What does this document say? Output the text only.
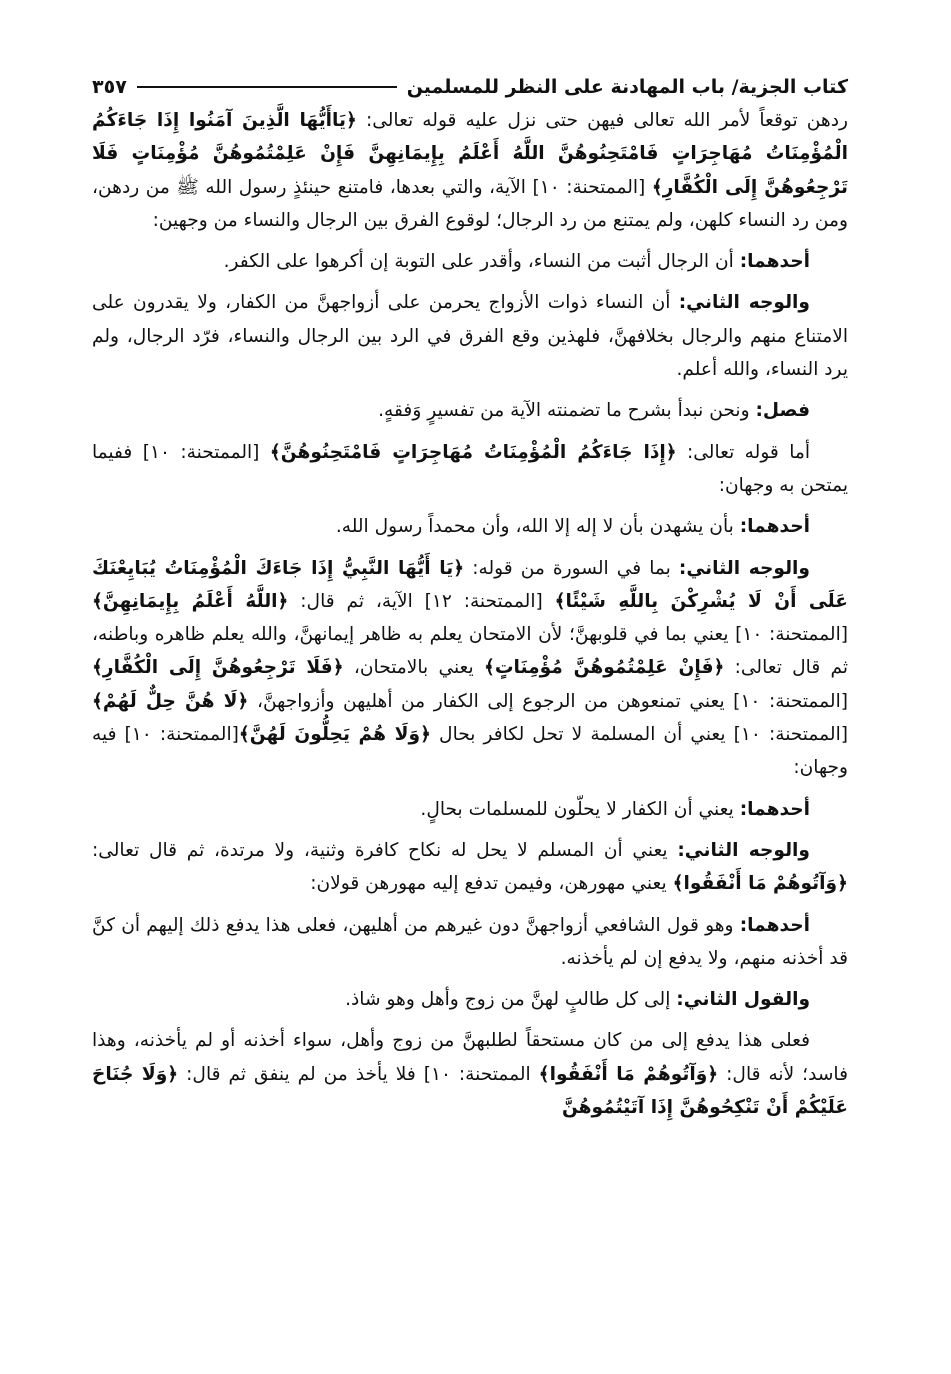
كتاب الجزية/ باب المهادنة على النظر للمسلمين
٣٥٧

ردهن توقعاً لأمر الله تعالى فيهن حتى نزل عليه قوله تعالى: ﴿يَاأَيُّهَا الَّذِينَ آمَنُوا إِذَا جَاءَكُمُ الْمُؤْمِنَاتُ مُهَاجِرَاتٍ فَامْتَحِنُوهُنَّ اللَّهُ أَعْلَمُ بِإِيمَانِهِنَّ فَإِنْ عَلِمْتُمُوهُنَّ مُؤْمِنَاتٍ فَلَا تَرْجِعُوهُنَّ إِلَى الْكُفَّارِ﴾ [الممتحنة: ١٠] الآية، والتي بعدها، فامتنع حينئذٍ رسول الله ﷺ من ردهن، ومن رد النساء كلهن، ولم يمتنع من رد الرجال؛ لوقوع الفرق بين الرجال والنساء من وجهين:

أحدهما: أن الرجال أثبت من النساء، وأقدر على التوبة إن أكرهوا على الكفر.

والوجه الثاني: أن النساء ذوات الأزواج يحرمن على أزواجهنَّ من الكفار، ولا يقدرون على الامتناع منهم والرجال بخلافهنَّ، فلهذين وقع الفرق في الرد بين الرجال والنساء، فرّد الرجال، ولم يرد النساء، والله أعلم.

فصل: ونحن نبدأ بشرح ما تضمنته الآية من تفسيرٍ وَفقهٍ.

أما قوله تعالى: ﴿إِذَا جَاءَكُمُ الْمُؤْمِنَاتُ مُهَاجِرَاتٍ فَامْتَحِنُوهُنَّ﴾ [الممتحنة: ١٠] ففيما يمتحن به وجهان:

أحدهما: بأن يشهدن بأن لا إله إلا الله، وأن محمداً رسول الله.

والوجه الثاني: بما في السورة من قوله: ﴿يَا أَيُّهَا النَّبِيُّ إِذَا جَاءَكَ الْمُؤْمِنَاتُ يُبَايِعْنَكَ عَلَى أَنْ لَا يُشْرِكْنَ بِاللَّهِ شَيْئًا﴾ [الممتحنة: ١٢] الآية، ثم قال: ﴿اللَّهُ أَعْلَمُ بِإِيمَانِهِنَّ﴾ [الممتحنة: ١٠] يعني بما في قلوبهنَّ؛ لأن الامتحان يعلم به ظاهر إيمانهنَّ، والله يعلم ظاهره وباطنه، ثم قال تعالى: ﴿فَإِنْ عَلِمْتُمُوهُنَّ مُؤْمِنَاتٍ﴾ يعني بالامتحان، ﴿فَلَا تَرْجِعُوهُنَّ إِلَى الْكُفَّارِ﴾ [الممتحنة: ١٠] يعني تمنعوهن من الرجوع إلى الكفار من أهليهن وأزواجهنَّ، ﴿لَا هُنَّ حِلٌّ لَهُمْ﴾[الممتحنة: ١٠] يعني أن المسلمة لا تحل لكافر بحال ﴿وَلَا هُمْ يَحِلُّونَ لَهُنَّ﴾[الممتحنة: ١٠] فيه وجهان:

أحدهما: يعني أن الكفار لا يحلّون للمسلمات بحالٍ.

والوجه الثاني: يعني أن المسلم لا يحل له نكاح كافرة وثنية، ولا مرتدة، ثم قال تعالى: ﴿وَآتُوهُمْ مَا أَنْفَقُوا﴾ يعني مهورهن، وفيمن تدفع إليه مهورهن قولان:

أحدهما: وهو قول الشافعي أزواجهنَّ دون غيرهم من أهليهن، فعلى هذا يدفع ذلك إليهم أن كنَّ قد أخذنه منهم، ولا يدفع إن لم يأخذنه.

والقول الثاني: إلى كل طالبٍ لهنَّ من زوج وأهل وهو شاذ.

فعلى هذا يدفع إلى من كان مستحقاً لطلبهنَّ من زوج وأهل، سواء أخذنه أو لم يأخذنه، وهذا فاسد؛ لأنه قال: ﴿وَآتُوهُمْ مَا أَنْفَقُوا﴾ الممتحنة: ١٠] فلا يأخذ من لم ينفق ثم قال: ﴿وَلَا جُنَاحَ عَلَيْكُمْ أَنْ تَنْكِحُوهُنَّ إِذَا آتَيْتُمُوهُنَّ
